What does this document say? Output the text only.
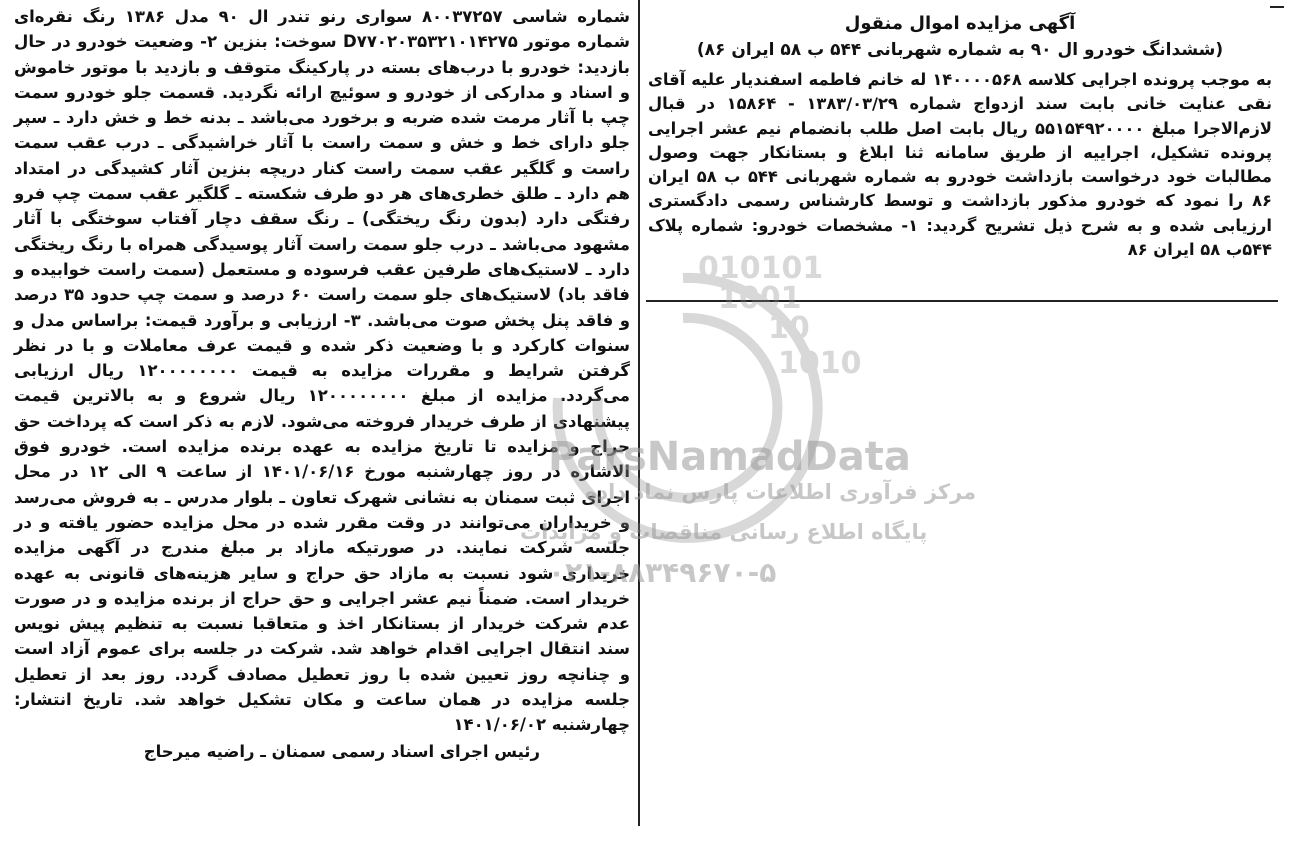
آگهی مزایده اموال منقول
(ششدانگ خودرو ال ۹۰ به شماره شهربانی ۵۴۴ ب ۵۸ ایران ۸۶)

به موجب پرونده اجرایی کلاسه ۱۴۰۰۰۰۵۶۸ له خانم فاطمه اسفندیار علیه آقای نقی عنایت خانی بابت سند ازدواج شماره ۱۳۸۳/۰۳/۲۹ - ۱۵۸۶۴ در قبال لازم‌الاجرا مبلغ ۵۵۱۵۴۹۲۰۰۰۰ ریال بابت اصل طلب بانضمام نیم عشر اجرایی پرونده تشکیل، اجراییه از طریق سامانه ثنا ابلاغ و بستانکار جهت وصول مطالبات خود درخواست بازداشت خودرو به شماره شهربانی ۵۴۴ ب ۵۸ ایران ۸۶ را نمود که خودرو مذکور بازداشت و توسط کارشناس رسمی دادگستری ارزیابی شده و به شرح ذیل تشریح گردید: ۱- مشخصات خودرو: شماره پلاک ۵۴۴ب ۵۸ ایران ۸۶

شماره شاسی ۸۰۰۳۷۲۵۷ سواری رنو تندر ال ۹۰ مدل ۱۳۸۶ رنگ نقره‌ای شماره موتور D۷۷۰۲۰۳۵۳۲۱۰۱۴۲۷۵ سوخت: بنزین ۲- وضعیت خودرو در حال بازدید: خودرو با درب‌های بسته در پارکینگ متوقف و بازدید با موتور خاموش و اسناد و مدارکی از خودرو و سوئیچ ارائه نگردید. قسمت جلو خودرو سمت چپ با آثار مرمت شده ضربه و برخورد می‌باشد ـ بدنه خط و خش دارد ـ سپر جلو دارای خط و خش و سمت راست با آثار خراشیدگی ـ درب عقب سمت راست و گلگیر عقب سمت راست کنار دریچه بنزین آثار کشیدگی در امتداد هم دارد ـ طلق خطری‌های هر دو طرف شکسته ـ گلگیر عقب سمت چپ فرو رفتگی دارد (بدون رنگ ریختگی) ـ رنگ سقف دچار آفتاب سوختگی با آثار مشهود می‌باشد ـ درب جلو سمت راست آثار پوسیدگی همراه با رنگ ریختگی دارد ـ لاستیک‌های طرفین عقب فرسوده و مستعمل (سمت راست خوابیده و فاقد باد) لاستیک‌های جلو سمت راست ۶۰ درصد و سمت چپ حدود ۳۵ درصد و فاقد پنل پخش صوت می‌باشد. ۳- ارزیابی و برآورد قیمت: براساس مدل و سنوات کارکرد و با وضعیت ذکر شده و قیمت عرف معاملات و با در نظر گرفتن شرایط و مقررات مزایده به قیمت ۱۲۰۰۰۰۰۰۰۰ ریال ارزیابی می‌گردد. مزایده از مبلغ ۱۲۰۰۰۰۰۰۰۰ ریال شروع و به بالاترین قیمت پیشنهادی از طرف خریدار فروخته می‌شود. لازم به ذکر است که پرداخت حق حراج و مزایده تا تاریخ مزایده به عهده برنده مزایده است. خودرو فوق الاشاره در روز چهارشنبه مورخ ۱۴۰۱/۰۶/۱۶ از ساعت ۹ الی ۱۲ در محل اجرای ثبت سمنان به نشانی شهرک تعاون ـ بلوار مدرس ـ به فروش می‌رسد و خریداران می‌توانند در وقت مقرر شده در محل مزایده حضور یافته و در جلسه شرکت نمایند. در صورتیکه مازاد بر مبلغ مندرج در آگهی مزایده خریداری شود نسبت به مازاد حق حراج و سایر هزینه‌های قانونی به عهده خریدار است. ضمناً نیم عشر اجرایی و حق حراج از برنده مزایده و در صورت عدم شرکت خریدار از بستانکار اخذ و متعاقبا نسبت به تنظیم پیش نویس سند انتقال اجرایی اقدام خواهد شد. شرکت در جلسه برای عموم آزاد است و چنانچه روز تعیین شده با روز تعطیل مصادف گردد. روز بعد از تعطیل جلسه مزایده در همان ساعت و مکان تشکیل خواهد شد. تاریخ انتشار: چهارشنبه ۱۴۰۱/۰۶/۰۲

رئیس اجرای اسناد رسمی سمنان ـ راضیه میرحاج
010101
1001
10
1010
ParsNamadData
مرکز فرآوری اطلاعات پارس نماد داده
پایگاه اطلاع رسانی مناقصات و مزایدات
۰۲۱-۸۸۳۴۹۶۷۰-۵
